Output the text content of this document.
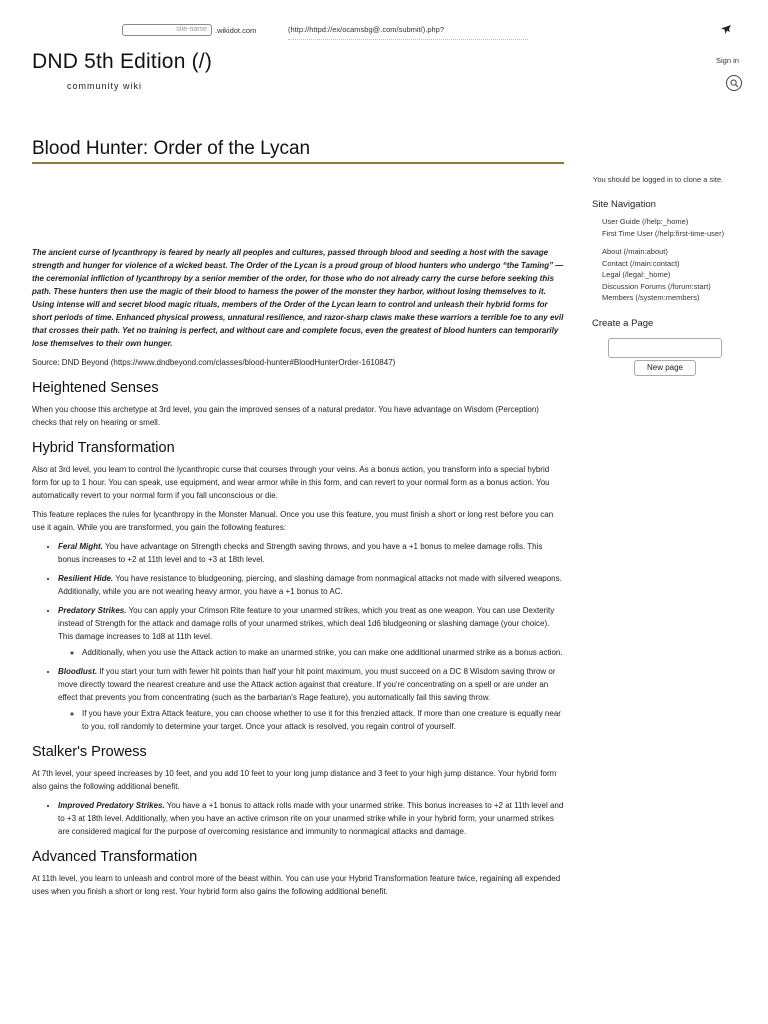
site-name	.wikidot.com	(http://httpd://ex/ocamsbg@.com/submit/).php?
DND 5th Edition (/)
community wiki
Sign in
Blood Hunter: Order of the Lycan

The ancient curse of lycanthropy is feared by nearly all peoples and cultures, passed through blood and seeding a host with the savage strength and hunger for violence of a wicked beast. The Order of the Lycan is a proud group of blood hunters who undergo “the Taming” — the ceremonial infliction of lycanthropy by a senior member of the order, for those who do not already carry the curse before seeking this path. These hunters then use the magic of their blood to harness the power of the monster they harbor, without losing themselves to it. Using intense will and secret blood magic rituals, members of the Order of the Lycan learn to control and unleash their hybrid forms for short periods of time. Enhanced physical prowess, unnatural resilience, and razor-sharp claws make these warriors a terrible foe to any evil that crosses their path. Yet no training is perfect, and without care and complete focus, even the greatest of blood hunters can temporarily lose themselves to their own hunger.

Source: DND Beyond (https://www.dndbeyond.com/classes/blood-hunter#BloodHunterOrder-1610847)

Heightened Senses

When you choose this archetype at 3rd level, you gain the improved senses of a natural predator. You have advantage on Wisdom (Perception) checks that rely on hearing or smell.

Hybrid Transformation

Also at 3rd level, you learn to control the lycanthropic curse that courses through your veins. As a bonus action, you transform into a special hybrid form for up to 1 hour. You can speak, use equipment, and wear armor while in this form, and can revert to your normal form as a bonus action. You automatically revert to your normal form if you fall unconscious or die.

This feature replaces the rules for lycanthropy in the Monster Manual. Once you use this feature, you must finish a short or long rest before you can use it again. While you are transformed, you gain the following features:

• Feral Might. You have advantage on Strength checks and Strength saving throws, and you have a +1 bonus to melee damage rolls. This bonus increases to +2 at 11th level and to +3 at 18th level.
• Resilient Hide. You have resistance to bludgeoning, piercing, and slashing damage from nonmagical attacks not made with silvered weapons. Additionally, while you are not wearing heavy armor, you have a +1 bonus to AC.
• Predatory Strikes. You can apply your Crimson Rite feature to your unarmed strikes, which you treat as one weapon. You can use Dexterity instead of Strength for the attack and damage rolls of your unarmed strikes, which deal 1d6 bludgeoning or slashing damage (your choice). This damage increases to 1d8 at 11th level.
◦ Additionally, when you use the Attack action to make an unarmed strike, you can make one additional unarmed strike as a bonus action.
• Bloodlust. If you start your turn with fewer hit points than half your hit point maximum, you must succeed on a DC 8 Wisdom saving throw or move directly toward the nearest creature and use the Attack action against that creature. If you're concentrating on a spell or are under an effect that prevents you from concentrating (such as the barbarian's Rage feature), you automatically fail this saving throw.
◦ If you have your Extra Attack feature, you can choose whether to use it for this frenzied attack. If more than one creature is equally near to you, roll randomly to determine your target. Once your attack is resolved, you regain control of yourself.
Stalker's Prowess

At 7th level, your speed increases by 10 feet, and you add 10 feet to your long jump distance and 3 feet to your high jump distance. Your hybrid form also gains the following additional benefit.

• Improved Predatory Strikes. You have a +1 bonus to attack rolls made with your unarmed strike. This bonus increases to +2 at 11th level and to +3 at 18th level. Additionally, when you have an active crimson rite on your unarmed strike while in your hybrid form, your unarmed strikes are considered magical for the purpose of overcoming resistance and immunity to nonmagical attacks and damage.
Advanced Transformation

At 11th level, you learn to unleash and control more of the beast within. You can use your Hybrid Transformation feature twice, regaining all expended uses when you finish a short or long rest. Your hybrid form also gains the following additional benefit.

You should be logged in to clone a site.
Site Navigation
User Guide (/help:_home)
First Time User (/help:first-time-user)
About (/main:about)
Contact (/main:contact)
Legal (/legal:_home)
Discussion Forums (/forum:start)
Members (/system:members)
Create a Page
New page
